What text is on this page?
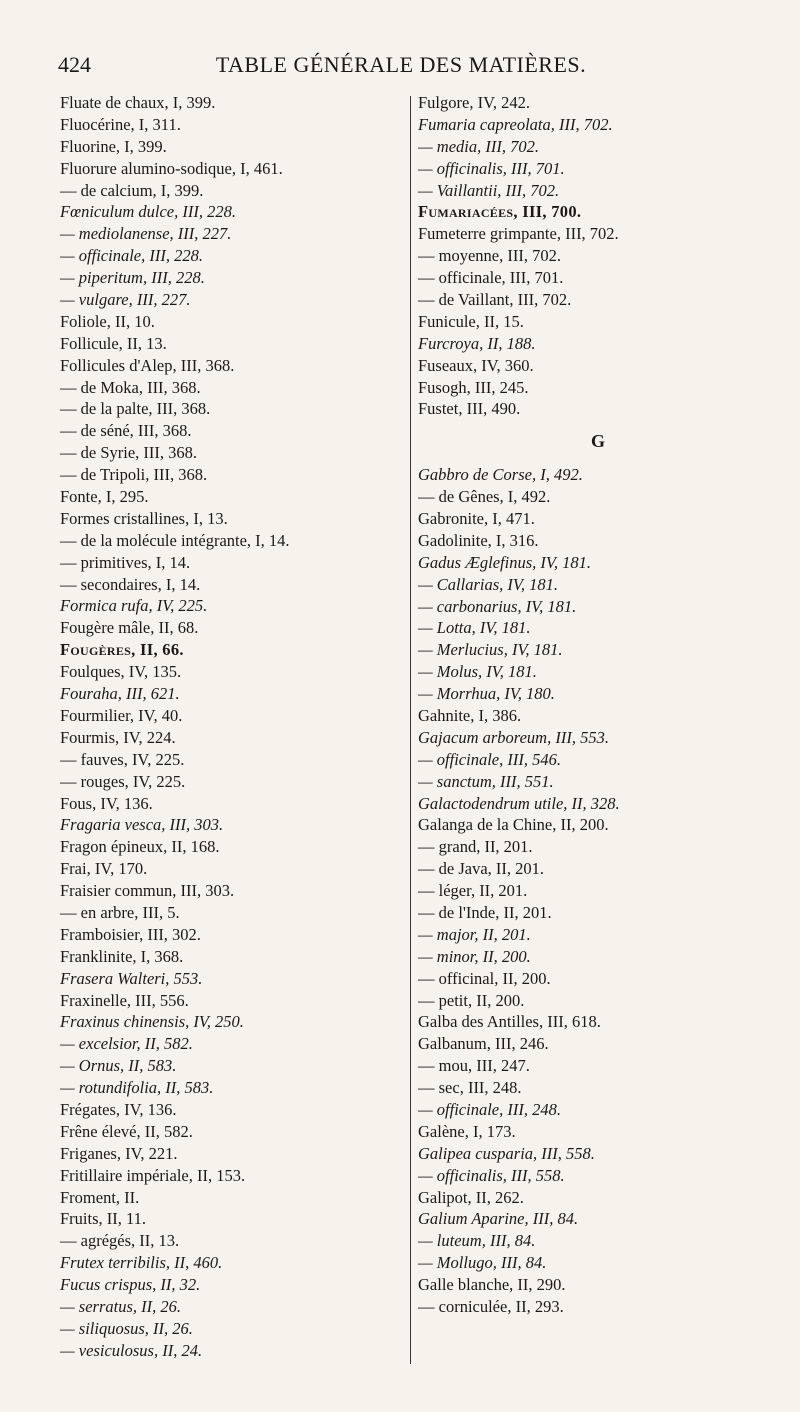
424	TABLE GÉNÉRALE DES MATIÈRES.
Fluate de chaux, I, 399.
Fluocérine, I, 311.
Fluorine, I, 399.
Fluorure alumino-sodique, I, 461.
— de calcium, I, 399.
Fœniculum dulce, III, 228.
— mediolanense, III, 227.
— officinale, III, 228.
— piperitum, III, 228.
— vulgare, III, 227.
Foliole, II, 10.
Follicule, II, 13.
Follicules d'Alep, III, 368.
— de Moka, III, 368.
— de la palte, III, 368.
— de séné, III, 368.
— de Syrie, III, 368.
— de Tripoli, III, 368.
Fonte, I, 295.
Formes cristallines, I, 13.
— de la molécule intégrante, I, 14.
— primitives, I, 14.
— secondaires, I, 14.
Formica rufa, IV, 225.
Fougère mâle, II, 68.
Fougères, II, 66.
Foulques, IV, 135.
Fouraha, III, 621.
Fourmilier, IV, 40.
Fourmis, IV, 224.
— fauves, IV, 225.
— rouges, IV, 225.
Fous, IV, 136.
Fragaria vesca, III, 303.
Fragon épineux, II, 168.
Frai, IV, 170.
Fraisier commun, III, 303.
— en arbre, III, 5.
Framboisier, III, 302.
Franklinite, I, 368.
Frasera Walteri, 553.
Fraxinelle, III, 556.
Fraxinus chinensis, IV, 250.
— excelsior, II, 582.
— Ornus, II, 583.
— rotundifolia, II, 583.
Frégates, IV, 136.
Frêne élevé, II, 582.
Friganes, IV, 221.
Fritillaire impériale, II, 153.
Froment, II.
Fruits, II, 11.
— agrégés, II, 13.
Frutex terribilis, II, 460.
Fucus crispus, II, 32.
— serratus, II, 26.
— siliquosus, II, 26.
— vesiculosus, II, 24.
Fulgore, IV, 242.
Fumaria capreolata, III, 702.
— media, III, 702.
— officinalis, III, 701.
— Vaillantii, III, 702.
Fumariacées, III, 700.
Fumeterre grimpante, III, 702.
— moyenne, III, 702.
— officinale, III, 701.
— de Vaillant, III, 702.
Funicule, II, 15.
Furcroya, II, 188.
Fuseaux, IV, 360.
Fusogh, III, 245.
Fustet, III, 490.
G
Gabbro de Corse, I, 492.
— de Gênes, I, 492.
Gabronite, I, 471.
Gadolinite, I, 316.
Gadus Æglefinus, IV, 181.
— Callarias, IV, 181.
— carbonarius, IV, 181.
— Lotta, IV, 181.
— Merlucius, IV, 181.
— Molus, IV, 181.
— Morrhua, IV, 180.
Gahnite, I, 386.
Gajacum arboreum, III, 553.
— officinale, III, 546.
— sanctum, III, 551.
Galactodendrum utile, II, 328.
Galanga de la Chine, II, 200.
— grand, II, 201.
— de Java, II, 201.
— léger, II, 201.
— de l'Inde, II, 201.
— major, II, 201.
— minor, II, 200.
— officinal, II, 200.
— petit, II, 200.
Galba des Antilles, III, 618.
Galbanum, III, 246.
— mou, III, 247.
— sec, III, 248.
— officinale, III, 248.
Galène, I, 173.
Galipea cusparia, III, 558.
— officinalis, III, 558.
Galipot, II, 262.
Galium Aparine, III, 84.
— luteum, III, 84.
— Mollugo, III, 84.
Galle blanche, II, 290.
— corniculée, II, 293.
